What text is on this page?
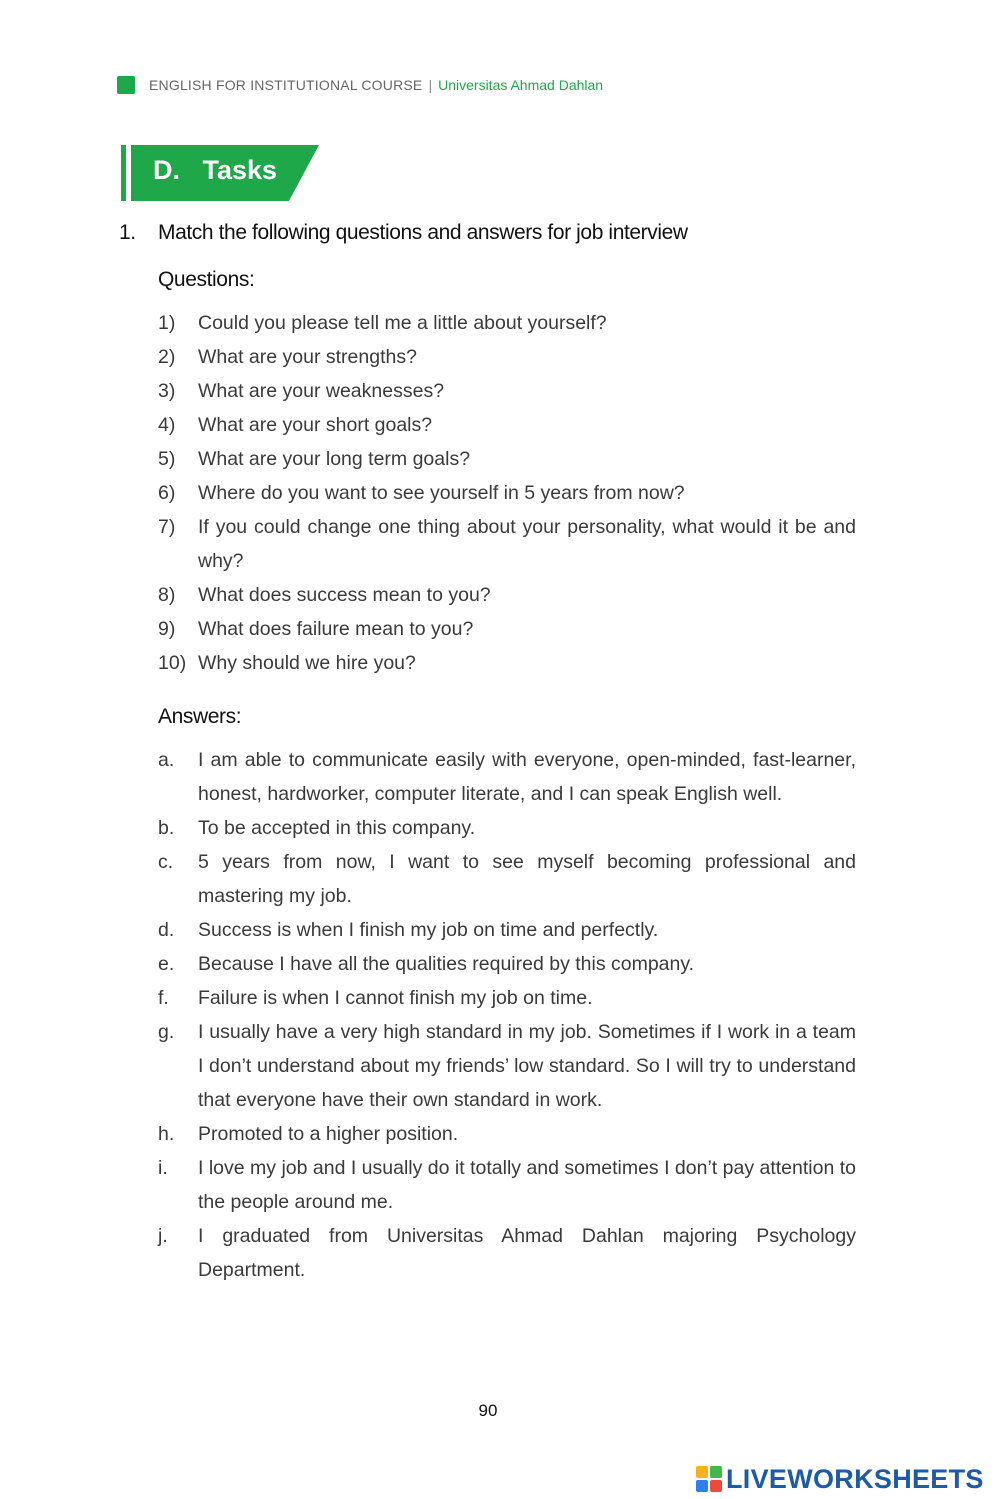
ENGLISH FOR INSTITUTIONAL COURSE | Universitas Ahmad Dahlan
D.   Tasks
1.	Match the following questions and answers for job interview
Questions:
1)	Could you please tell me a little about yourself?
2)	What are your strengths?
3)	What are your weaknesses?
4)	What are your short goals?
5)	What are your long term goals?
6)	Where do you want to see yourself in 5 years from now?
7)	If you could change one thing about your personality, what would it be and why?
8)	What does success mean to you?
9)	What does failure mean to you?
10) Why should we hire you?
Answers:
a.	I am able to communicate easily with everyone, open-minded, fast-learner, honest, hardworker, computer literate, and I can speak English well.
b.	To be accepted in this company.
c.	5 years from now, I want to see myself becoming professional and mastering my job.
d.	Success is when I finish my job on time and perfectly.
e.	Because I have all the qualities required by this company.
f.	Failure is when I cannot finish my job on time.
g.	I usually have a very high standard in my job. Sometimes if I work in a team I don’t understand about my friends’ low standard. So I will try to understand that everyone have their own standard in work.
h.	Promoted to a higher position.
i.	I love my job and I usually do it totally and sometimes I don’t pay attention to the people around me.
j.	I graduated from Universitas Ahmad Dahlan majoring Psychology Department.
90
LIVEWORKSHEETS
